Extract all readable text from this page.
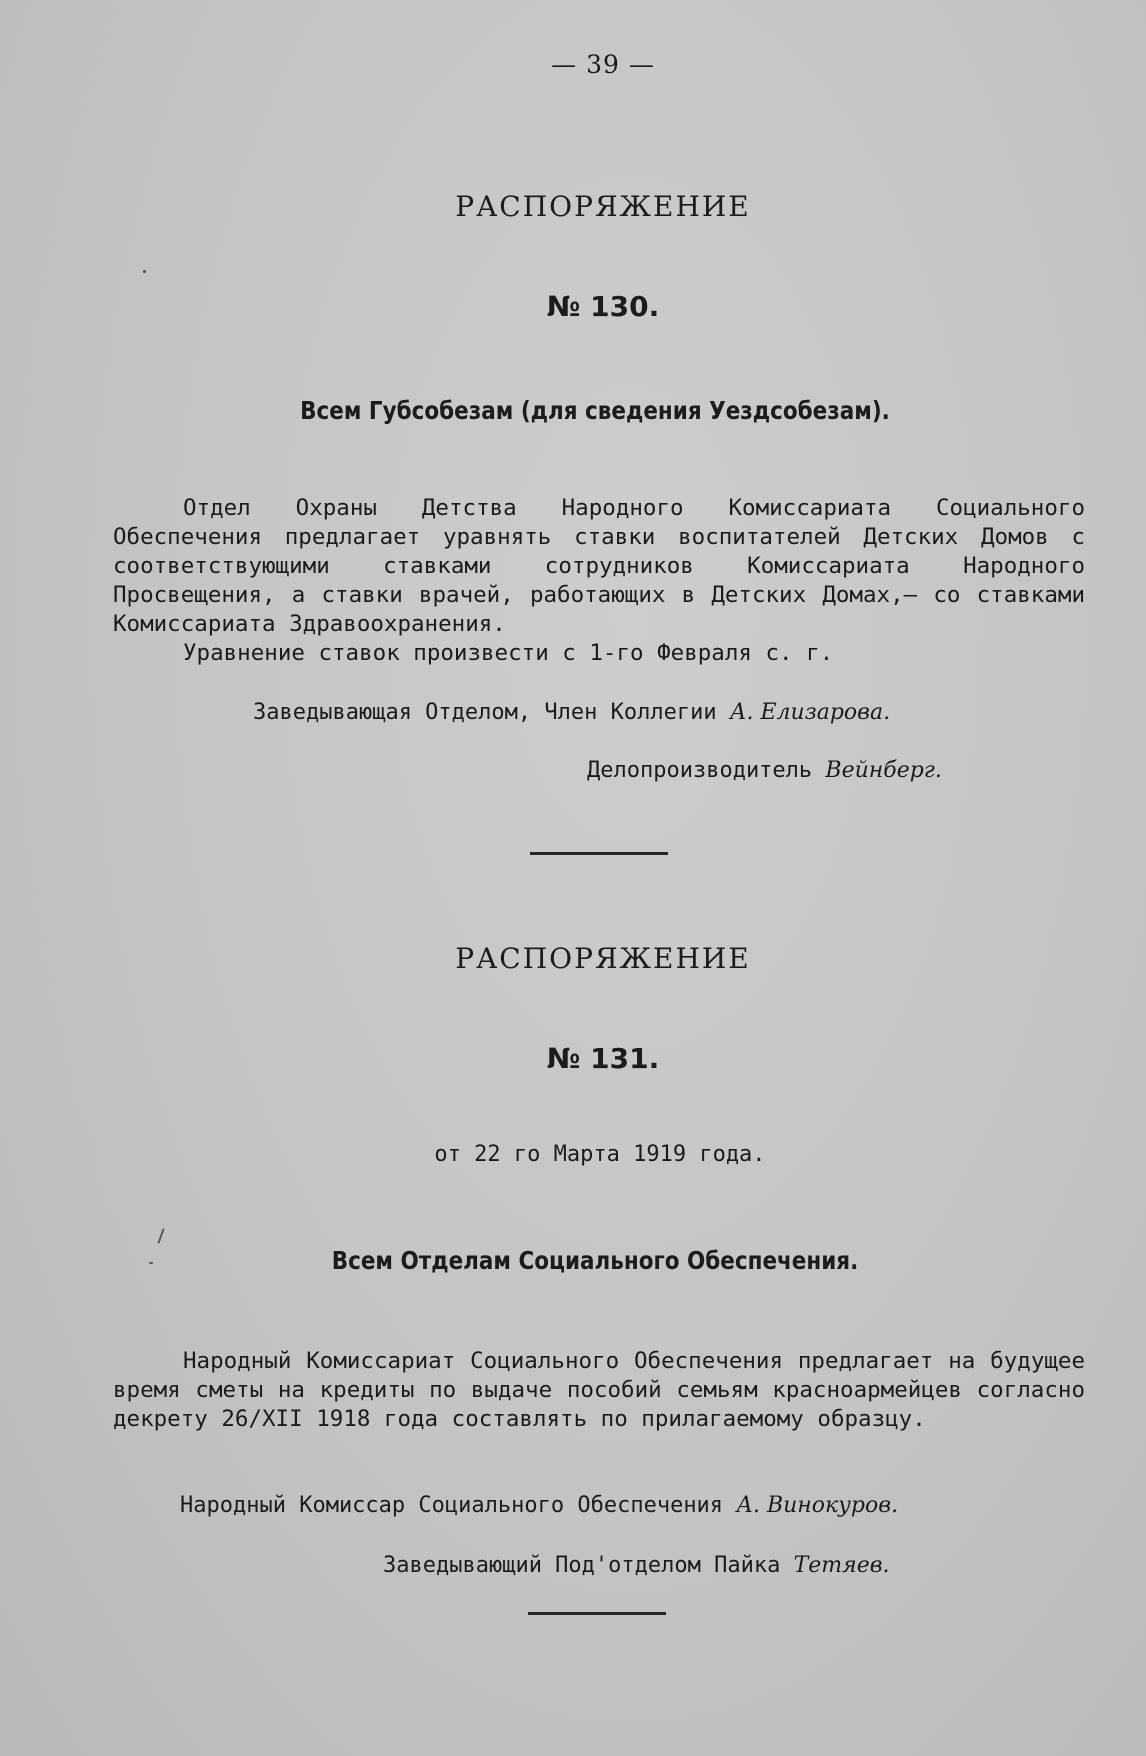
— 39 —
РАСПОРЯЖЕНИЕ
№ 130.
Всем Губсобезам (для сведения Уездсобезам).

Отдел Охраны Детства Народного Комиссариата Социального Обеспечения предлагает уравнять ставки воспитателей Детских Домов с соответствующими ставками сотрудников Комиссариата Народного Просвещения, а ставки врачей, работающих в Детских Домах,— со ставками Комиссариата Здравоохранения.

Уравнение ставок произвести с 1-го Февраля с. г.

Заведывающая Отделом, Член Коллегии А. Елизарова.
Делопроизводитель Вейнберг.
РАСПОРЯЖЕНИЕ
№ 131.
от 22 го Марта 1919 года.
Всем Отделам Социального Обеспечения.

Народный Комиссариат Социального Обеспечения предлагает на будущее время сметы на кредиты по выдаче пособий семьям красноармейцев согласно декрету 26/XII 1918 года составлять по прилагаемому образцу.

Народный Комиссар Социального Обеспечения А. Винокуров.
Заведывающий Под'отделом Пайка Тетяев.
